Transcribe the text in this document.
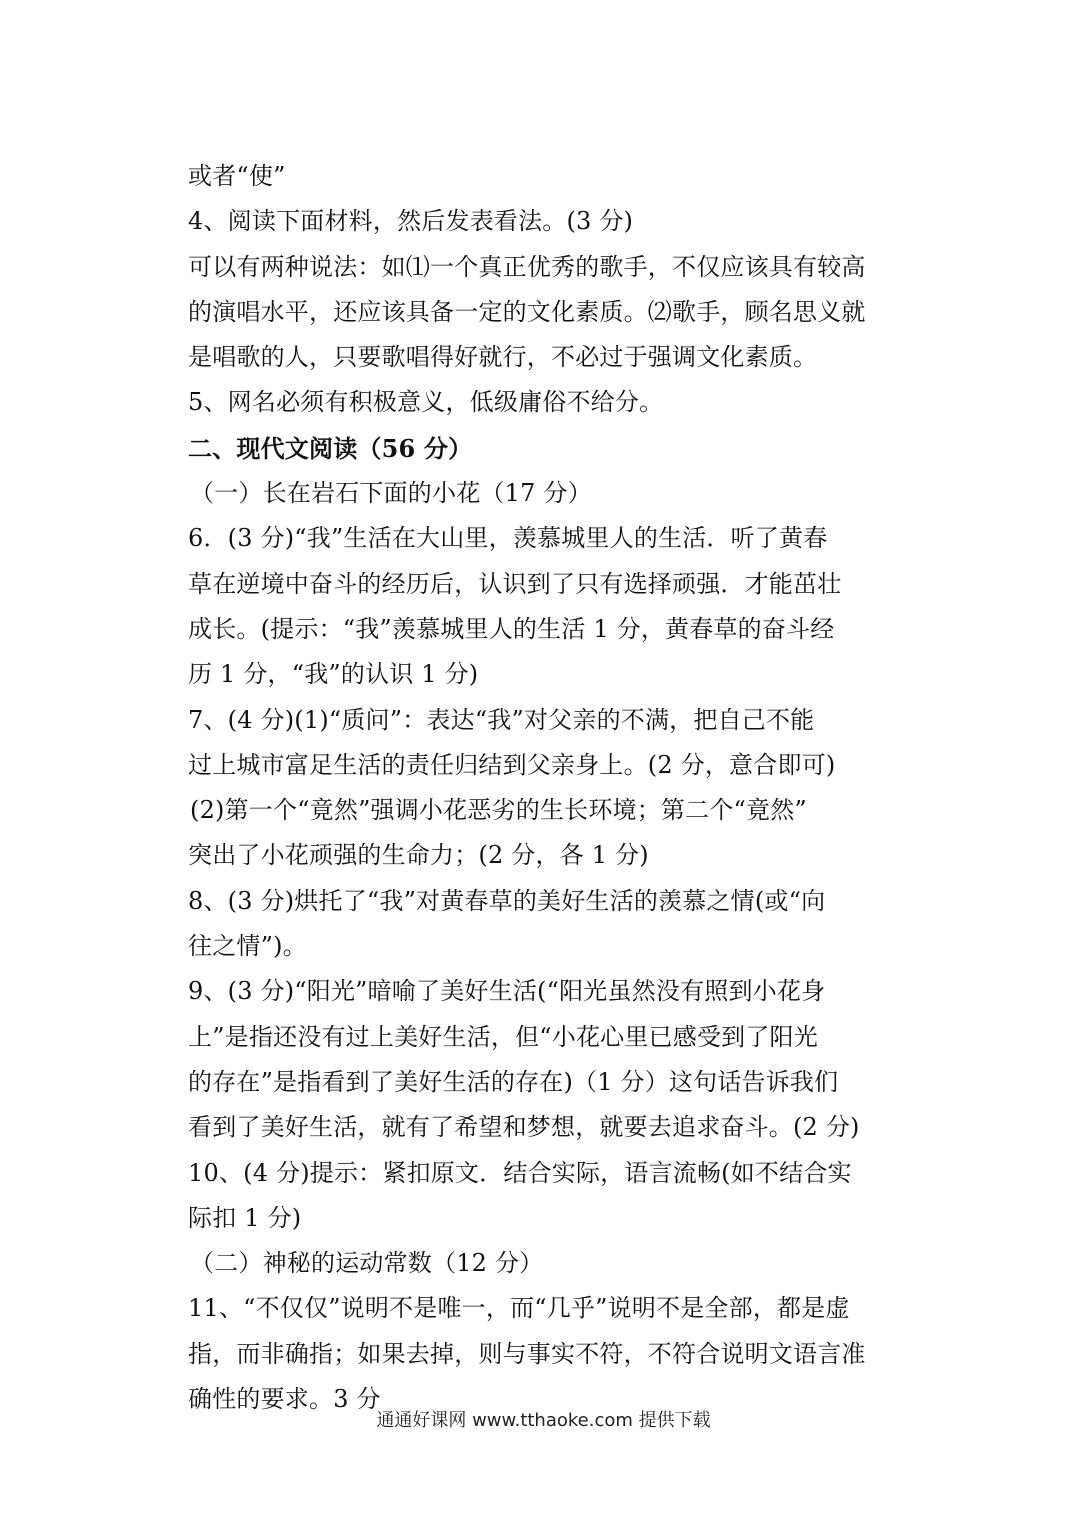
或者“使”
4、阅读下面材料，然后发表看法。(3 分)
可以有两种说法：如⑴一个真正优秀的歌手，不仅应该具有较高
的演唱水平，还应该具备一定的文化素质。⑵歌手，顾名思义就
是唱歌的人，只要歌唱得好就行，不必过于强调文化素质。
5、网名必须有积极意义，低级庸俗不给分。
二、现代文阅读（56 分）
（一）长在岩石下面的小花（17 分）
6．(3 分)“我”生活在大山里，羡慕城里人的生活．听了黄春
草在逆境中奋斗的经历后，认识到了只有选择顽强．才能茁壮
成长。(提示：“我”羡慕城里人的生活 1 分，黄春草的奋斗经
历 1 分，“我”的认识 1 分)
7、(4 分)(1)“质问”：表达“我”对父亲的不满，把自己不能
过上城市富足生活的责任归结到父亲身上。(2 分，意合即可)
(2)第一个“竟然”强调小花恶劣的生长环境；第二个“竟然”
突出了小花顽强的生命力；(2 分，各 1 分)
8、(3 分)烘托了“我”对黄春草的美好生活的羡慕之情(或“向
往之情”)。
9、(3 分)“阳光”暗喻了美好生活(“阳光虽然没有照到小花身
上”是指还没有过上美好生活，但“小花心里已感受到了阳光
的存在”是指看到了美好生活的存在)（1 分）这句话告诉我们
看到了美好生活，就有了希望和梦想，就要去追求奋斗。(2 分)
10、(4 分)提示：紧扣原文．结合实际，语言流畅(如不结合实
际扣 1 分)
（二）神秘的运动常数（12 分）
11、“不仅仅”说明不是唯一，而“几乎”说明不是全部，都是虚
指，而非确指；如果去掉，则与事实不符，不符合说明文语言准
确性的要求。3 分
通通好课网 www.tthaoke.com 提供下载
